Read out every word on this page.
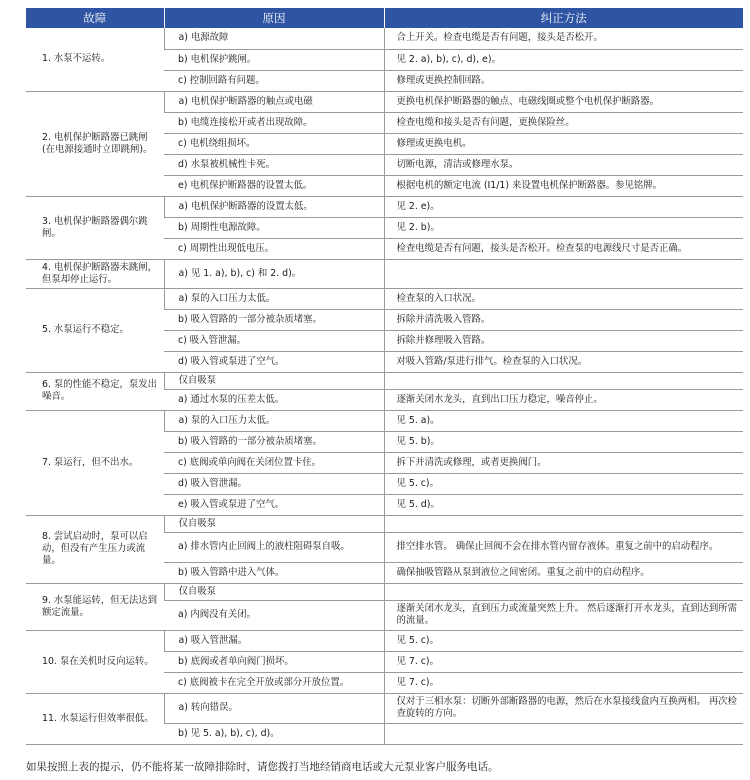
故障	原因	纠正方法
1. 水泵不运转。	a) 电源故障	合上开关。检查电缆是否有问题，接头是否松开。
	b) 电机保护跳闸。	见 2. a), b), c), d), e)。
	c) 控制回路有问题。	修理或更换控制回路。
2. 电机保护断路器已跳闸(在电源接通时立即跳闸)。	a) 电机保护断路器的触点或电磁	更换电机保护断路器的触点、电磁线圈或整个电机保护断路器。
	b) 电缆连接松开或者出现故障。	检查电缆和接头是否有问题，更换保险丝。
	c) 电机绕组损坏。	修理或更换电机。
	d) 水泵被机械性卡死。	切断电源，清洁或修理水泵。
	e) 电机保护断路器的设置太低。	根据电机的额定电流 (I1/1) 来设置电机保护断路器。参见铭牌。
3. 电机保护断路器偶尔跳闸。	a) 电机保护断路器的设置太低。	见 2. e)。
	b) 周期性电源故障。	见 2. b)。
	c) 周期性出现低电压。	检查电缆是否有问题，接头是否松开。检查泵的电源线尺寸是否正确。
4. 电机保护断路器未跳闸，但泵却停止运行。	a) 见 1. a), b), c) 和 2. d)。	
5. 水泵运行不稳定。	a) 泵的入口压力太低。	检查泵的入口状况。
	b) 吸入管路的一部分被杂质堵塞。	拆除并清洗吸入管路。
	c) 吸入管泄漏。	拆除并修理吸入管路。
	d) 吸入管或泵进了空气。	对吸入管路/泵进行排气。检查泵的入口状况。
6. 泵的性能不稳定，泵发出噪音。	仅自吸泵	
	a) 通过水泵的压差太低。	逐渐关闭水龙头，直到出口压力稳定，噪音停止。
7. 泵运行，但不出水。	a) 泵的入口压力太低。	见 5. a)。
	b) 吸入管路的一部分被杂质堵塞。	见 5. b)。
	c) 底阀或单向阀在关闭位置卡住。	拆下并清洗或修理，或者更换阀门。
	d) 吸入管泄漏。	见 5. c)。
	e) 吸入管或泵进了空气。	见 5. d)。
8. 尝试启动时，泵可以启动，但没有产生压力或流量。	仅自吸泵	
	a) 排水管内止回阀上的液柱阻碍泵自吸。	排空排水管。 确保止回阀不会在排水管内留存液体。重复之前中的启动程序。
	b) 吸入管路中进入气体。	确保抽吸管路从泵到液位之间密闭。重复之前中的启动程序。
9. 水泵能运转，但无法达到额定流量。	仅自吸泵	
	a) 内阀没有关闭。	逐渐关闭水龙头，直到压力或流量突然上升。 然后逐渐打开水龙头，直到达到所需的流量。
10. 泵在关机时反向运转。	a) 吸入管泄漏。	见 5. c)。
	b) 底阀或者单向阀门损坏。	见 7. c)。
	c) 底阀被卡在完全开放或部分开放位置。	见 7. c)。
11. 水泵运行但效率很低。	a) 转向错误。	仅对于三相水泵：切断外部断路器的电源，然后在水泵接线盒内互换两相。 再次检查旋转的方向。
	b) 见 5. a), b), c), d)。	
如果按照上表的提示，仍不能将某一故障排除时，请您拨打当地经销商电话或大元泵业客户服务电话。
